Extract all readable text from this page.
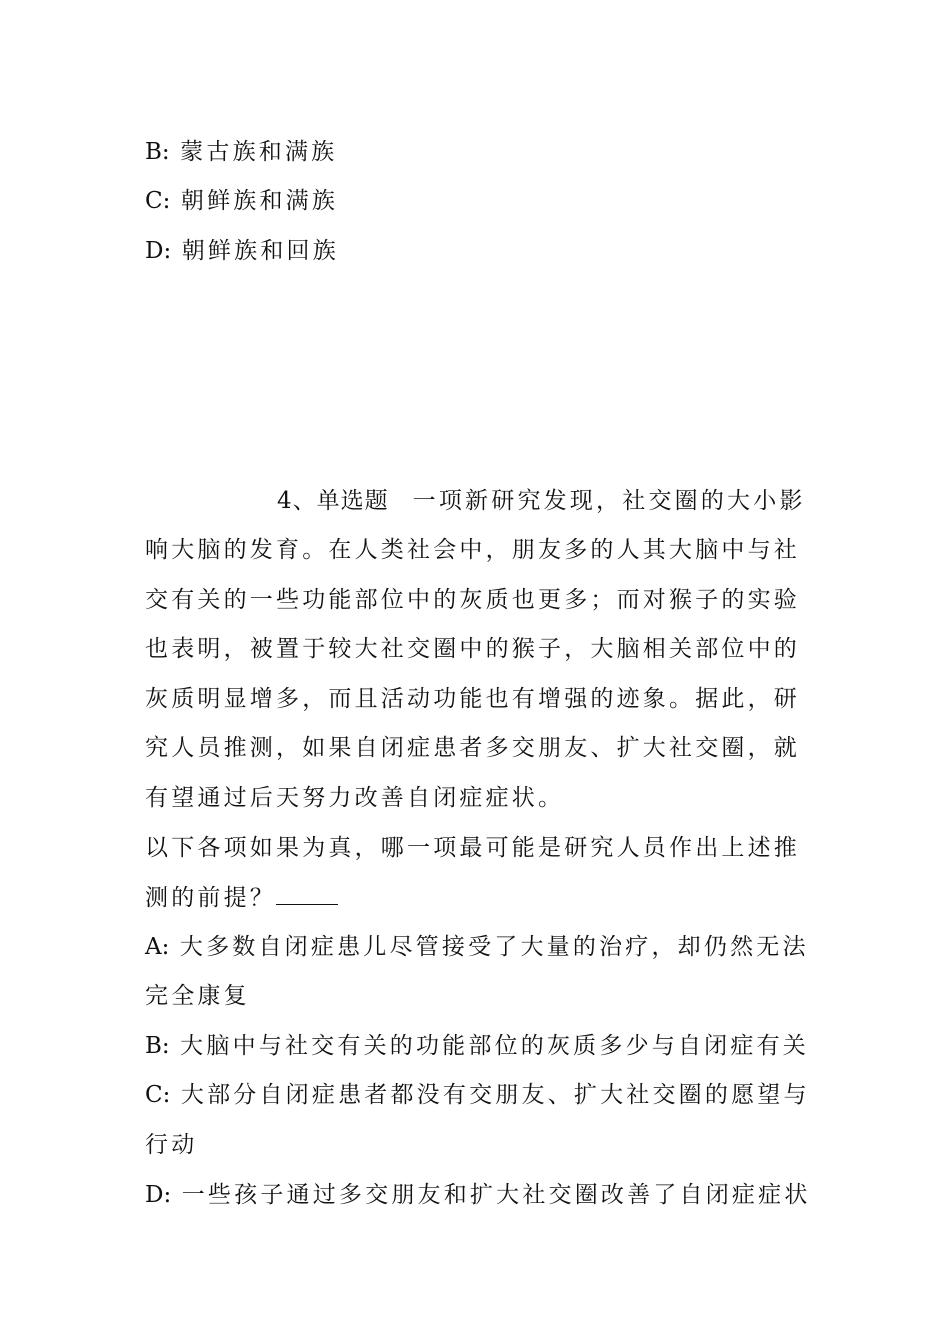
B: 蒙古族和满族
C: 朝鲜族和满族
D: 朝鲜族和回族
4、单选题 一项新研究发现，社交圈的大小影
响大脑的发育。在人类社会中，朋友多的人其大脑中与社
交有关的一些功能部位中的灰质也更多；而对猴子的实验
也表明，被置于较大社交圈中的猴子，大脑相关部位中的
灰质明显增多，而且活动功能也有增强的迹象。据此，研
究人员推测，如果自闭症患者多交朋友、扩大社交圈，就
有望通过后天努力改善自闭症症状。
以下各项如果为真，哪一项最可能是研究人员作出上述推
测的前提？
A: 大多数自闭症患儿尽管接受了大量的治疗，却仍然无法
完全康复
B: 大脑中与社交有关的功能部位的灰质多少与自闭症有关
C: 大部分自闭症患者都没有交朋友、扩大社交圈的愿望与
行动
D: 一些孩子通过多交朋友和扩大社交圈改善了自闭症症状
